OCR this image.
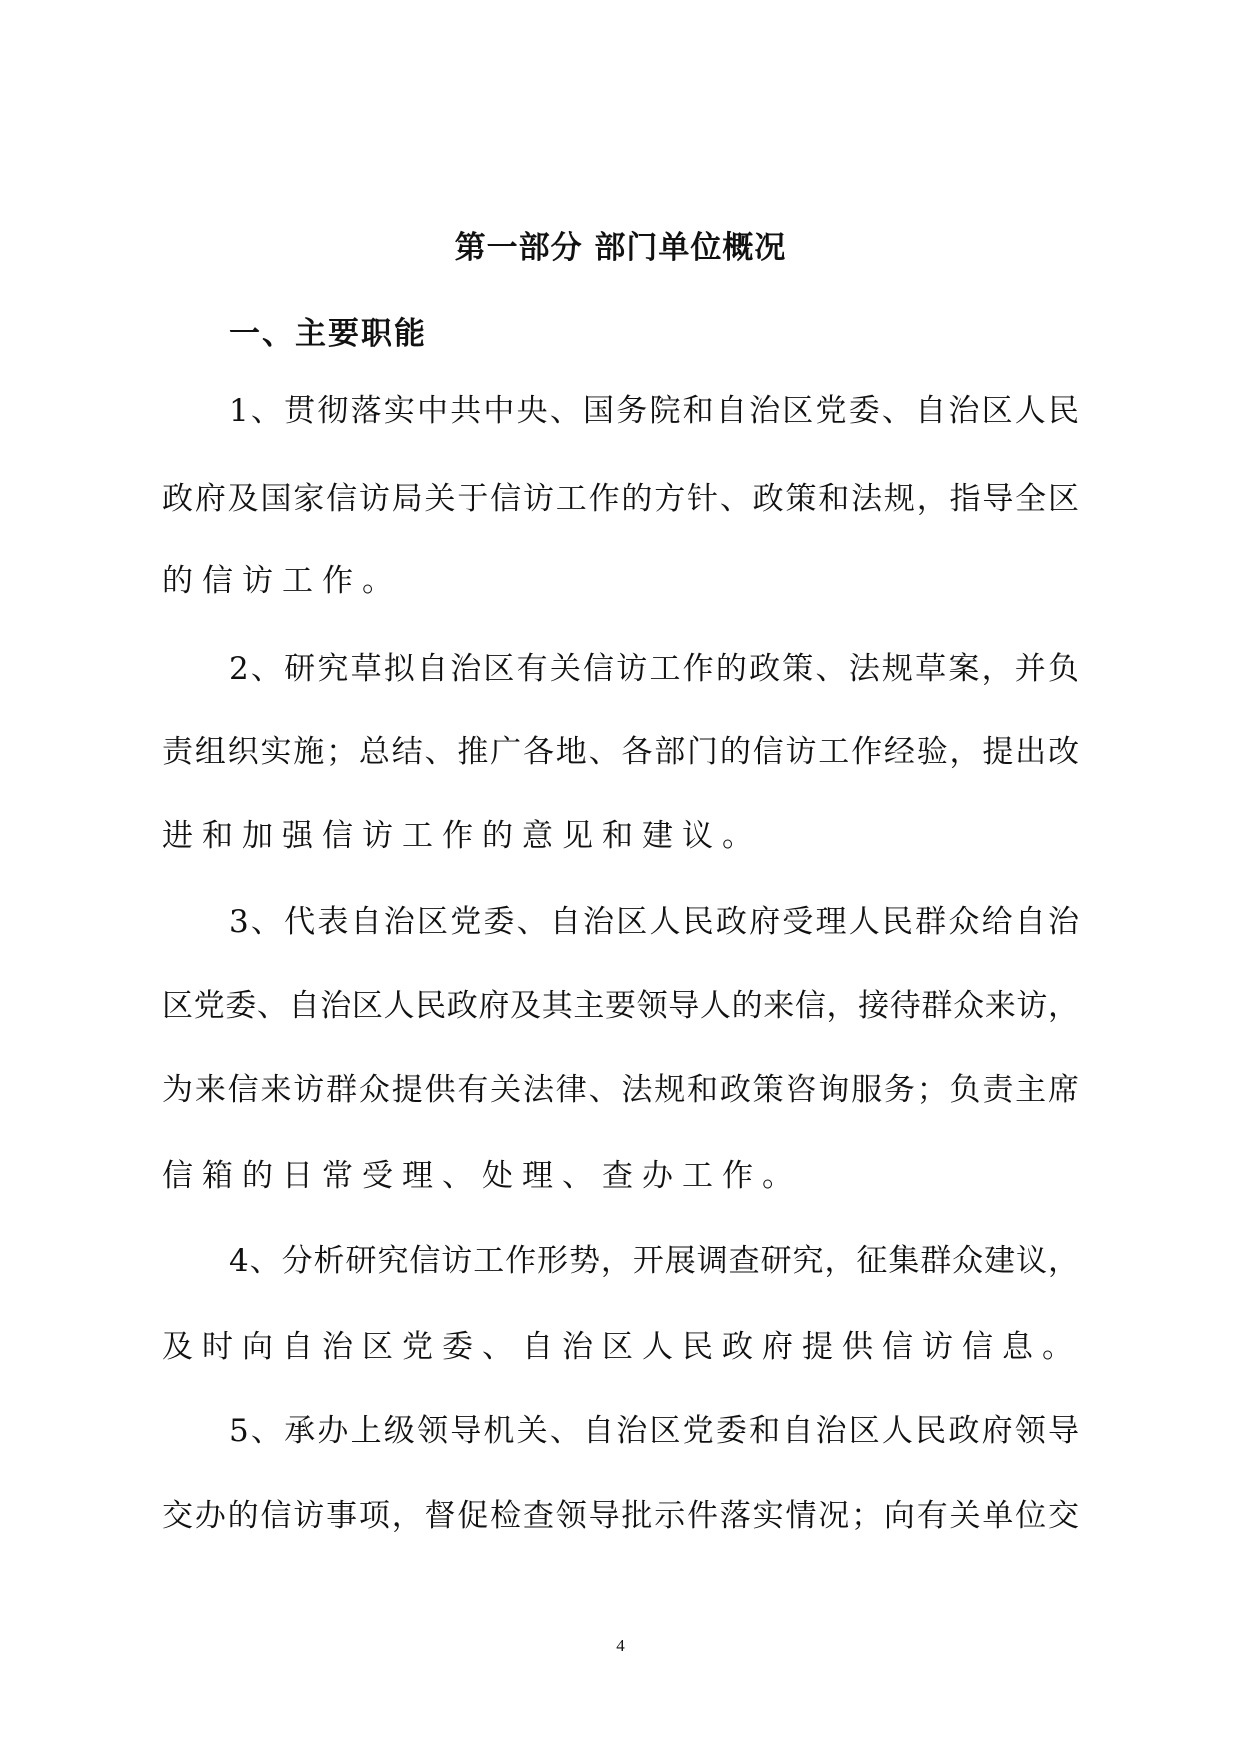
第一部分 部门单位概况
一、主要职能
1、贯彻落实中共中央、国务院和自治区党委、自治区人民
政府及国家信访局关于信访工作的方针、政策和法规，指导全区
的信访工作。
2、研究草拟自治区有关信访工作的政策、法规草案，并负
责组织实施；总结、推广各地、各部门的信访工作经验，提出改
进和加强信访工作的意见和建议。
3、代表自治区党委、自治区人民政府受理人民群众给自治
区党委、自治区人民政府及其主要领导人的来信，接待群众来访，
为来信来访群众提供有关法律、法规和政策咨询服务；负责主席
信箱的日常受理、处理、查办工作。
4、分析研究信访工作形势，开展调查研究，征集群众建议，
及时向自治区党委、自治区人民政府提供信访信息。
5、承办上级领导机关、自治区党委和自治区人民政府领导
交办的信访事项，督促检查领导批示件落实情况；向有关单位交
4
